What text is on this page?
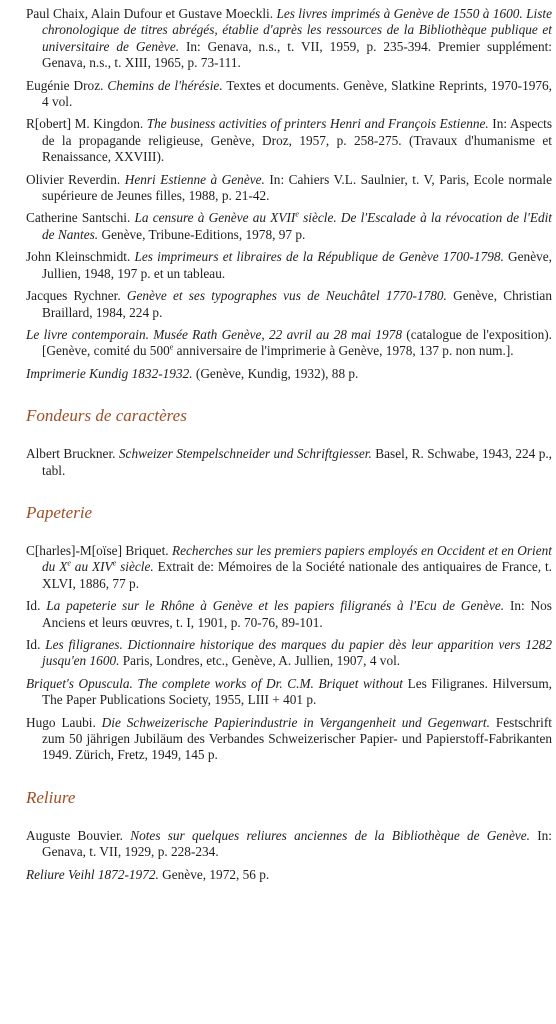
Paul Chaix, Alain Dufour et Gustave Moeckli. Les livres imprimés à Genève de 1550 à 1600. Liste chronologique de titres abrégés, établie d'après les ressources de la Bibliothèque publique et universitaire de Genève. In: Genava, n.s., t. VII, 1959, p. 235-394. Premier supplément: Genava, n.s., t. XIII, 1965, p. 73-111.

Eugénie Droz. Chemins de l'hérésie. Textes et documents. Genève, Slatkine Reprints, 1970-1976, 4 vol.

R[obert] M. Kingdon. The business activities of printers Henri and François Estienne. In: Aspects de la propagande religieuse, Genève, Droz, 1957, p. 258-275. (Travaux d'humanisme et Renaissance, XXVIII).

Olivier Reverdin. Henri Estienne à Genève. In: Cahiers V.L. Saulnier, t. V, Paris, Ecole normale supérieure de Jeunes filles, 1988, p. 21-42.

Catherine Santschi. La censure à Genève au XVIIe siècle. De l'Escalade à la révocation de l'Edit de Nantes. Genève, Tribune-Editions, 1978, 97 p.

John Kleinschmidt. Les imprimeurs et libraires de la République de Genève 1700-1798. Genève, Jullien, 1948, 197 p. et un tableau.

Jacques Rychner. Genève et ses typographes vus de Neuchâtel 1770-1780. Genève, Christian Braillard, 1984, 224 p.

Le livre contemporain. Musée Rath Genève, 22 avril au 28 mai 1978 (catalogue de l'exposition). [Genève, comité du 500e anniversaire de l'imprimerie à Genève, 1978, 137 p. non num.].

Imprimerie Kundig 1832-1932. (Genève, Kundig, 1932), 88 p.

Fondeurs de caractères

Albert Bruckner. Schweizer Stempelschneider und Schriftgiesser. Basel, R. Schwabe, 1943, 224 p., tabl.

Papeterie

C[harles]-M[oïse] Briquet. Recherches sur les premiers papiers employés en Occident et en Orient du Xe au XIVe siècle. Extrait de: Mémoires de la Société nationale des antiquaires de France, t. XLVI, 1886, 77 p.

Id. La papeterie sur le Rhône à Genève et les papiers filigranés à l'Ecu de Genève. In: Nos Anciens et leurs œuvres, t. I, 1901, p. 70-76, 89-101.

Id. Les filigranes. Dictionnaire historique des marques du papier dès leur apparition vers 1282 jusqu'en 1600. Paris, Londres, etc., Genève, A. Jullien, 1907, 4 vol.

Briquet's Opuscula. The complete works of Dr. C.M. Briquet without Les Filigranes. Hilversum, The Paper Publications Society, 1955, LIII + 401 p.

Hugo Laubi. Die Schweizerische Papierindustrie in Vergangenheit und Gegenwart. Festschrift zum 50 jährigen Jubiläum des Verbandes Schweizerischer Papier- und Papierstoff-Fabrikanten 1949. Zürich, Fretz, 1949, 145 p.

Reliure

Auguste Bouvier. Notes sur quelques reliures anciennes de la Bibliothèque de Genève. In: Genava, t. VII, 1929, p. 228-234.

Reliure Veihl 1872-1972. Genève, 1972, 56 p.
